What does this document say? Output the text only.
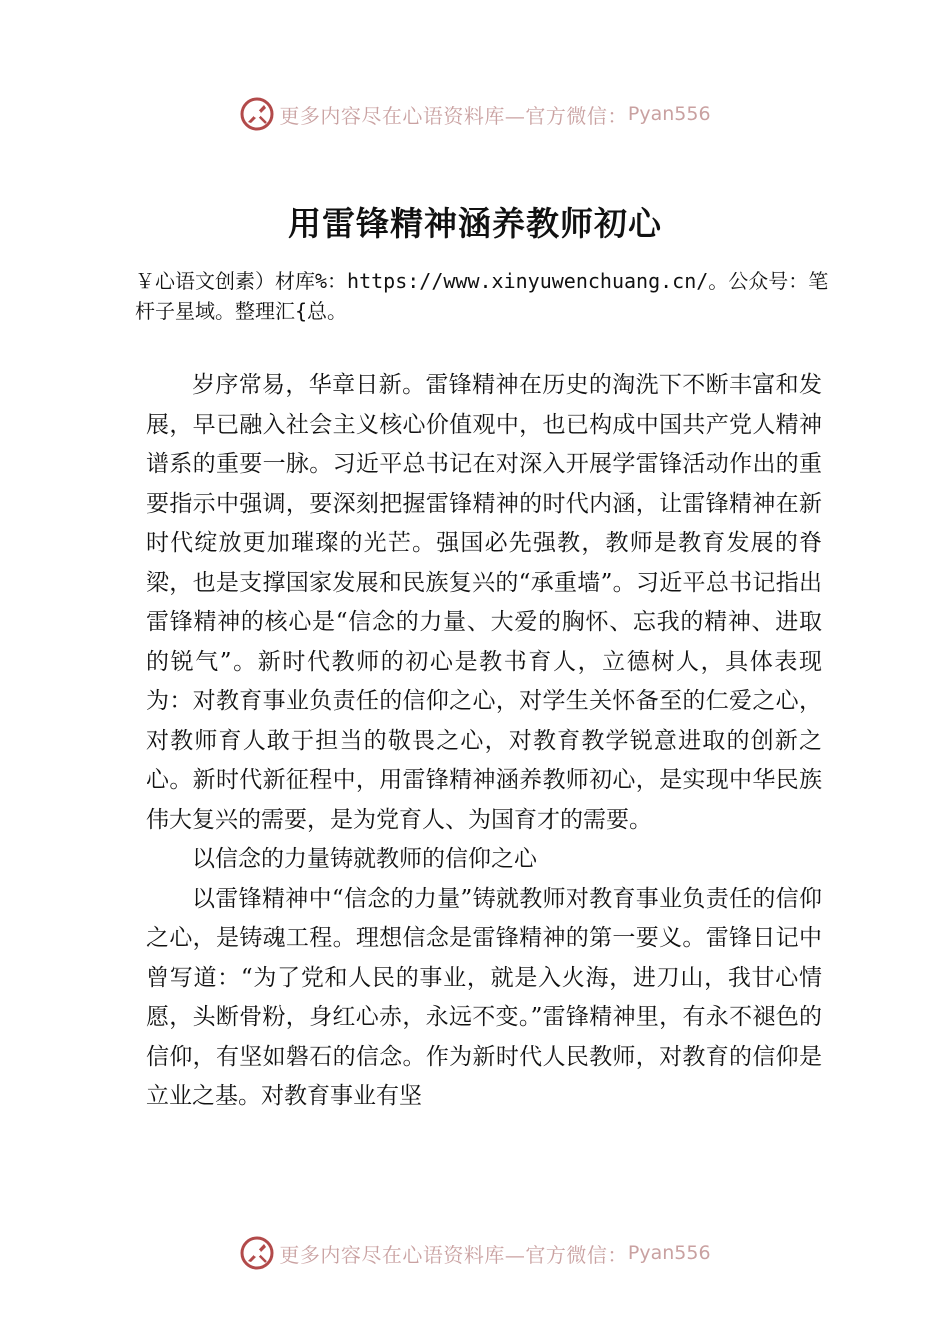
更多内容尽在心语资料库—官方微信： Pyan556
用雷锋精神涵养教师初心
￥心语文创素）材库%：https://www.xinyuwenchuang.cn/。公众号：笔杆子星域。整理汇{总。

岁序常易，华章日新。雷锋精神在历史的淘洗下不断丰富和发展，早已融入社会主义核心价值观中，也已构成中国共产党人精神谱系的重要一脉。习近平总书记在对深入开展学雷锋活动作出的重要指示中强调，要深刻把握雷锋精神的时代内涵，让雷锋精神在新时代绽放更加璀璨的光芒。强国必先强教，教师是教育发展的脊梁，也是支撑国家发展和民族复兴的“承重墙”。习近平总书记指出雷锋精神的核心是“信念的力量、大爱的胸怀、忘我的精神、进取的锐气”。新时代教师的初心是教书育人，立德树人，具体表现为：对教育事业负责任的信仰之心，对学生关怀备至的仁爱之心，对教师育人敢于担当的敬畏之心，对教育教学锐意进取的创新之心。新时代新征程中，用雷锋精神涵养教师初心，是实现中华民族伟大复兴的需要，是为党育人、为国育才的需要。

以信念的力量铸就教师的信仰之心

以雷锋精神中“信念的力量”铸就教师对教育事业负责任的信仰之心，是铸魂工程。理想信念是雷锋精神的第一要义。雷锋日记中曾写道：“为了党和人民的事业，就是入火海，进刀山，我甘心情愿，头断骨粉，身红心赤，永远不变。”雷锋精神里，有永不褪色的信仰，有坚如磐石的信念。作为新时代人民教师，对教育的信仰是立业之基。对教育事业有坚

更多内容尽在心语资料库—官方微信： Pyan556
